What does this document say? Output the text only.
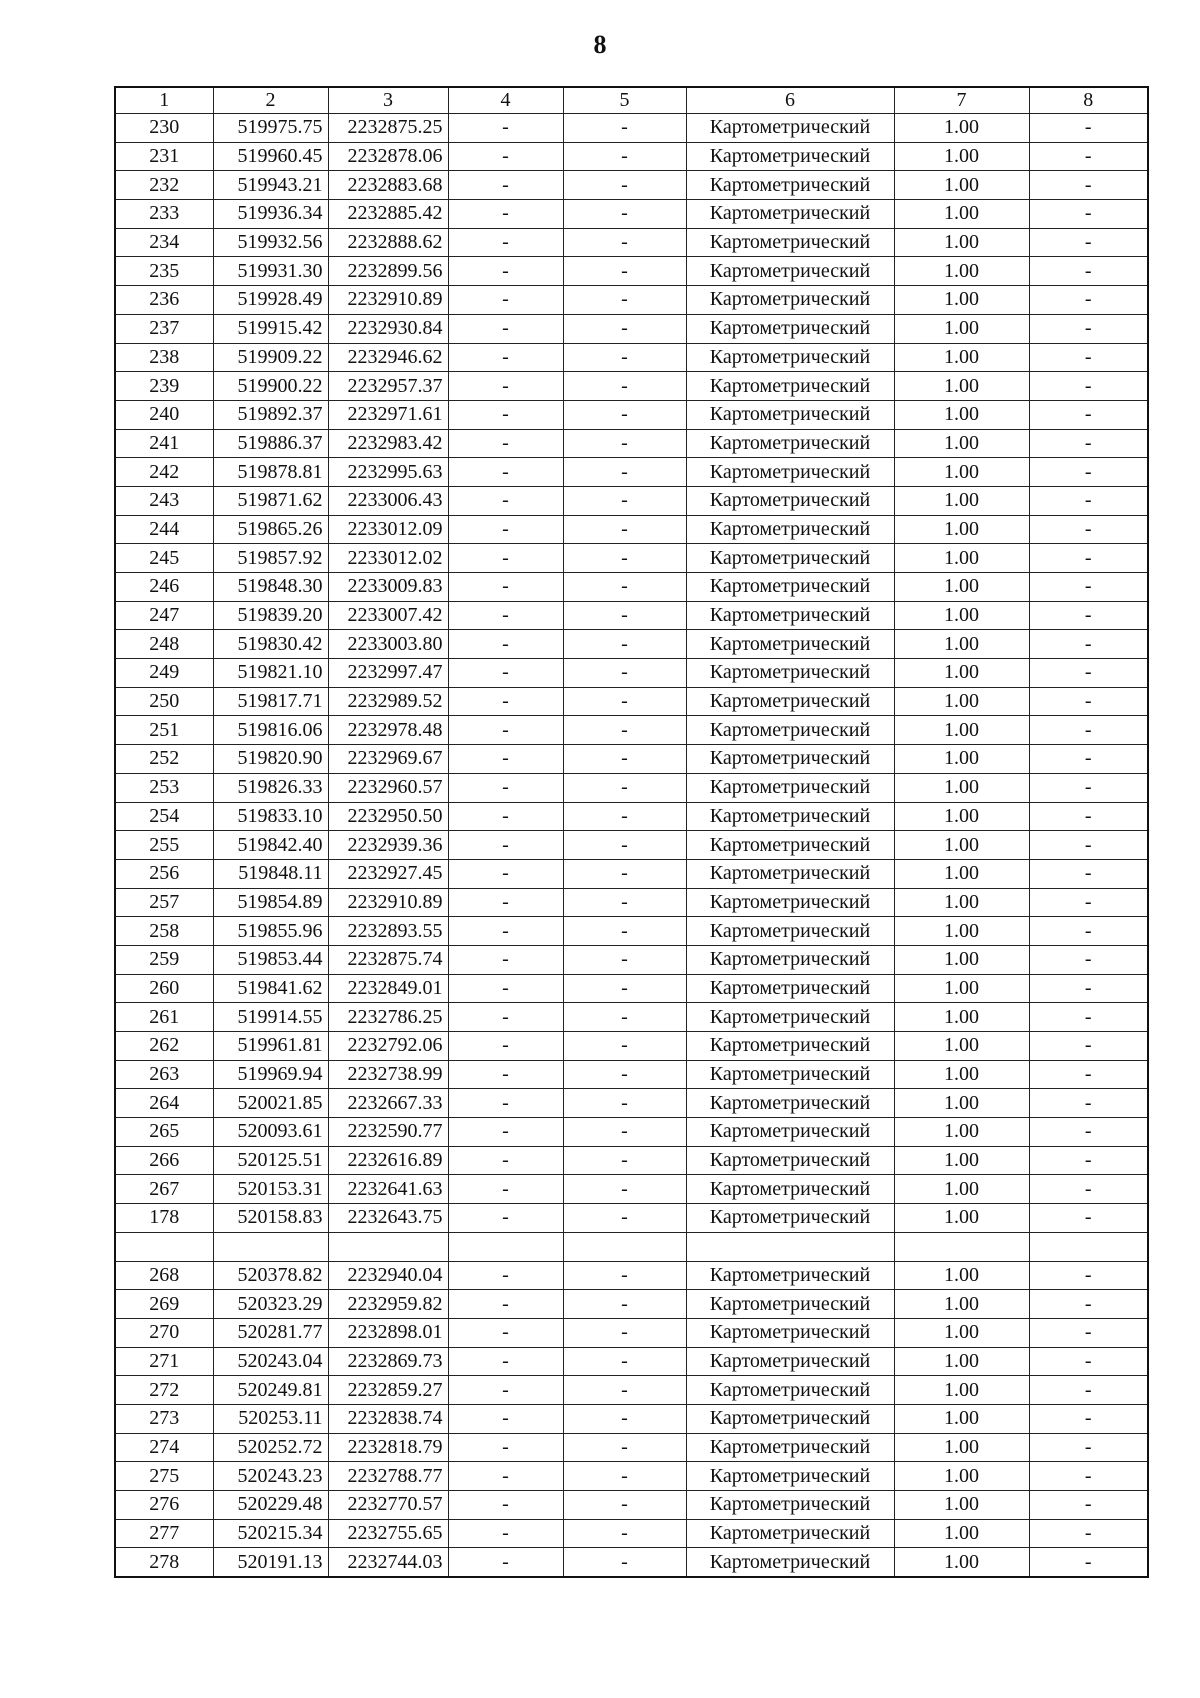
8
1	2	3	4	5	6	7	8
230	519975.75	2232875.25	-	-	Картометрический	1.00	-
231	519960.45	2232878.06	-	-	Картометрический	1.00	-
232	519943.21	2232883.68	-	-	Картометрический	1.00	-
233	519936.34	2232885.42	-	-	Картометрический	1.00	-
234	519932.56	2232888.62	-	-	Картометрический	1.00	-
235	519931.30	2232899.56	-	-	Картометрический	1.00	-
236	519928.49	2232910.89	-	-	Картометрический	1.00	-
237	519915.42	2232930.84	-	-	Картометрический	1.00	-
238	519909.22	2232946.62	-	-	Картометрический	1.00	-
239	519900.22	2232957.37	-	-	Картометрический	1.00	-
240	519892.37	2232971.61	-	-	Картометрический	1.00	-
241	519886.37	2232983.42	-	-	Картометрический	1.00	-
242	519878.81	2232995.63	-	-	Картометрический	1.00	-
243	519871.62	2233006.43	-	-	Картометрический	1.00	-
244	519865.26	2233012.09	-	-	Картометрический	1.00	-
245	519857.92	2233012.02	-	-	Картометрический	1.00	-
246	519848.30	2233009.83	-	-	Картометрический	1.00	-
247	519839.20	2233007.42	-	-	Картометрический	1.00	-
248	519830.42	2233003.80	-	-	Картометрический	1.00	-
249	519821.10	2232997.47	-	-	Картометрический	1.00	-
250	519817.71	2232989.52	-	-	Картометрический	1.00	-
251	519816.06	2232978.48	-	-	Картометрический	1.00	-
252	519820.90	2232969.67	-	-	Картометрический	1.00	-
253	519826.33	2232960.57	-	-	Картометрический	1.00	-
254	519833.10	2232950.50	-	-	Картометрический	1.00	-
255	519842.40	2232939.36	-	-	Картометрический	1.00	-
256	519848.11	2232927.45	-	-	Картометрический	1.00	-
257	519854.89	2232910.89	-	-	Картометрический	1.00	-
258	519855.96	2232893.55	-	-	Картометрический	1.00	-
259	519853.44	2232875.74	-	-	Картометрический	1.00	-
260	519841.62	2232849.01	-	-	Картометрический	1.00	-
261	519914.55	2232786.25	-	-	Картометрический	1.00	-
262	519961.81	2232792.06	-	-	Картометрический	1.00	-
263	519969.94	2232738.99	-	-	Картометрический	1.00	-
264	520021.85	2232667.33	-	-	Картометрический	1.00	-
265	520093.61	2232590.77	-	-	Картометрический	1.00	-
266	520125.51	2232616.89	-	-	Картометрический	1.00	-
267	520153.31	2232641.63	-	-	Картометрический	1.00	-
178	520158.83	2232643.75	-	-	Картометрический	1.00	-

268	520378.82	2232940.04	-	-	Картометрический	1.00	-
269	520323.29	2232959.82	-	-	Картометрический	1.00	-
270	520281.77	2232898.01	-	-	Картометрический	1.00	-
271	520243.04	2232869.73	-	-	Картометрический	1.00	-
272	520249.81	2232859.27	-	-	Картометрический	1.00	-
273	520253.11	2232838.74	-	-	Картометрический	1.00	-
274	520252.72	2232818.79	-	-	Картометрический	1.00	-
275	520243.23	2232788.77	-	-	Картометрический	1.00	-
276	520229.48	2232770.57	-	-	Картометрический	1.00	-
277	520215.34	2232755.65	-	-	Картометрический	1.00	-
278	520191.13	2232744.03	-	-	Картометрический	1.00	-
